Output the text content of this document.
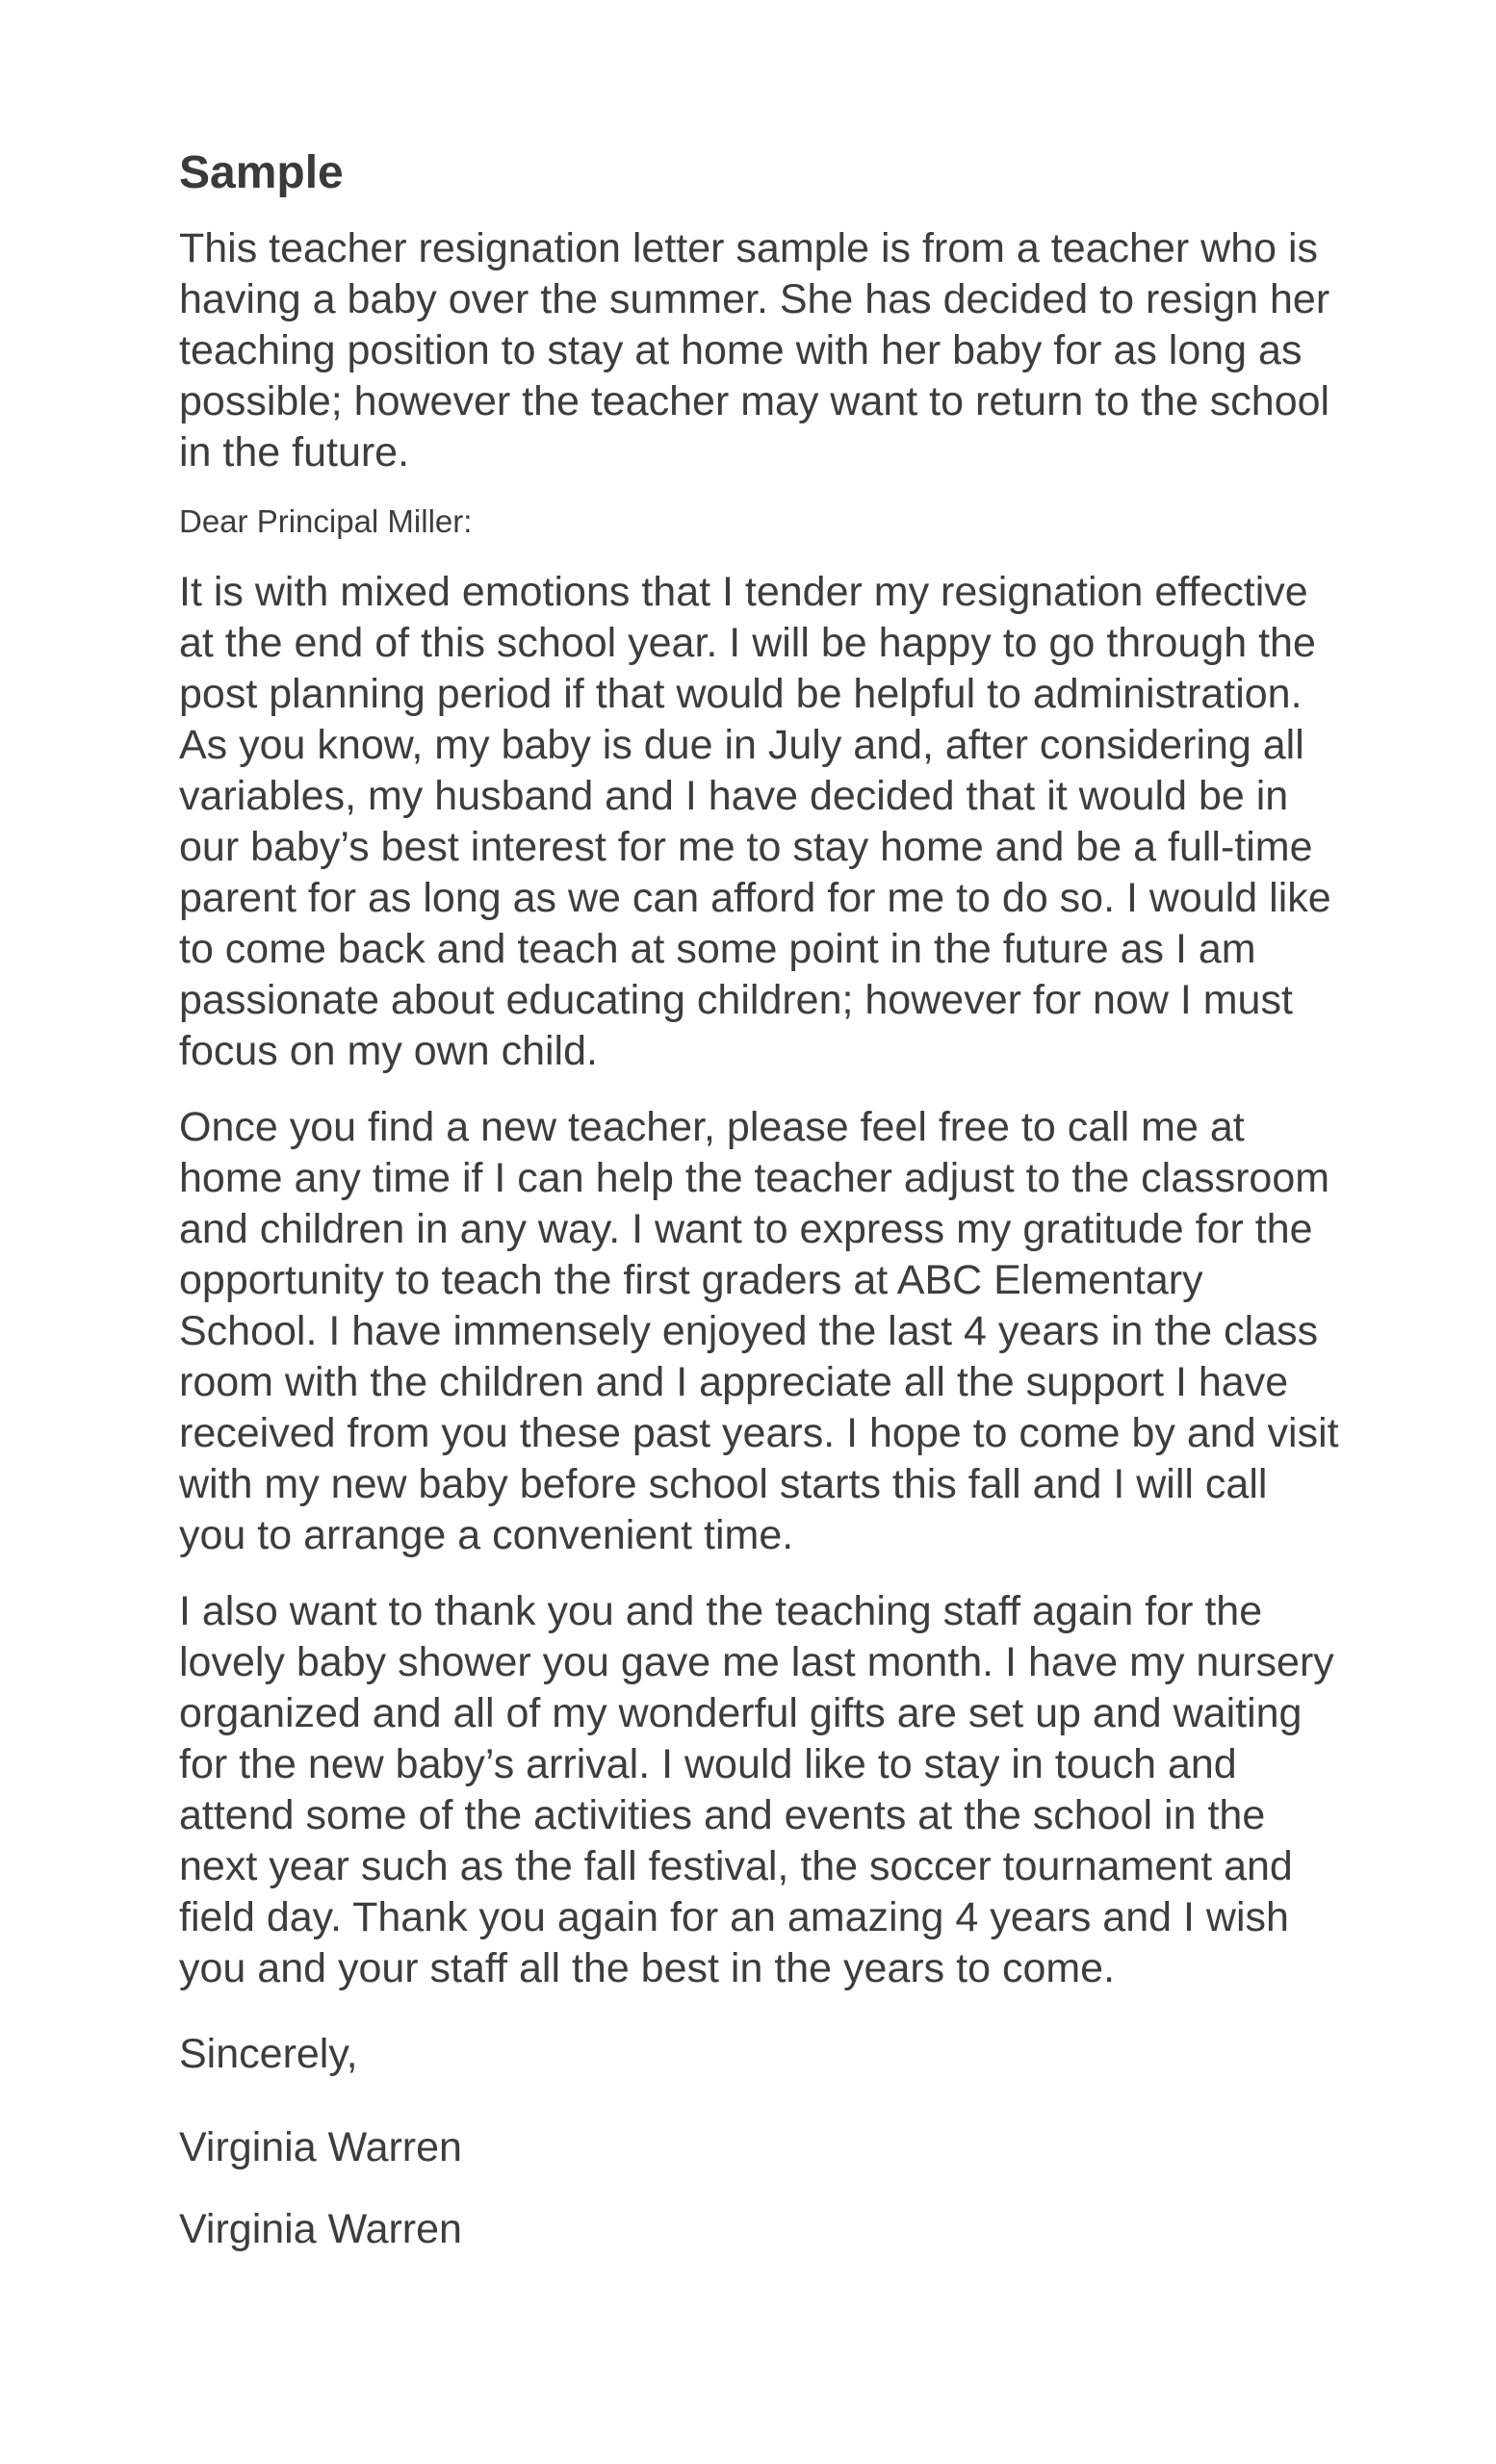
Sample

This teacher resignation letter sample is from a teacher who is having a baby over the summer. She has decided to resign her teaching position to stay at home with her baby for as long as possible; however the teacher may want to return to the school in the future.

Dear Principal Miller:

It is with mixed emotions that I tender my resignation effective at the end of this school year. I will be happy to go through the post planning period if that would be helpful to administration. As you know, my baby is due in July and, after considering all variables, my husband and I have decided that it would be in our baby’s best interest for me to stay home and be a full-time parent for as long as we can afford for me to do so. I would like to come back and teach at some point in the future as I am passionate about educating children; however for now I must focus on my own child.

Once you find a new teacher, please feel free to call me at home any time if I can help the teacher adjust to the classroom and children in any way. I want to express my gratitude for the opportunity to teach the first graders at ABC Elementary School. I have immensely enjoyed the last 4 years in the class room with the children and I appreciate all the support I have received from you these past years. I hope to come by and visit with my new baby before school starts this fall and I will call you to arrange a convenient time.

I also want to thank you and the teaching staff again for the lovely baby shower you gave me last month. I have my nursery organized and all of my wonderful gifts are set up and waiting for the new baby’s arrival. I would like to stay in touch and attend some of the activities and events at the school in the next year such as the fall festival, the soccer tournament and field day. Thank you again for an amazing 4 years and I wish you and your staff all the best in the years to come.

Sincerely,

Virginia Warren

Virginia Warren
